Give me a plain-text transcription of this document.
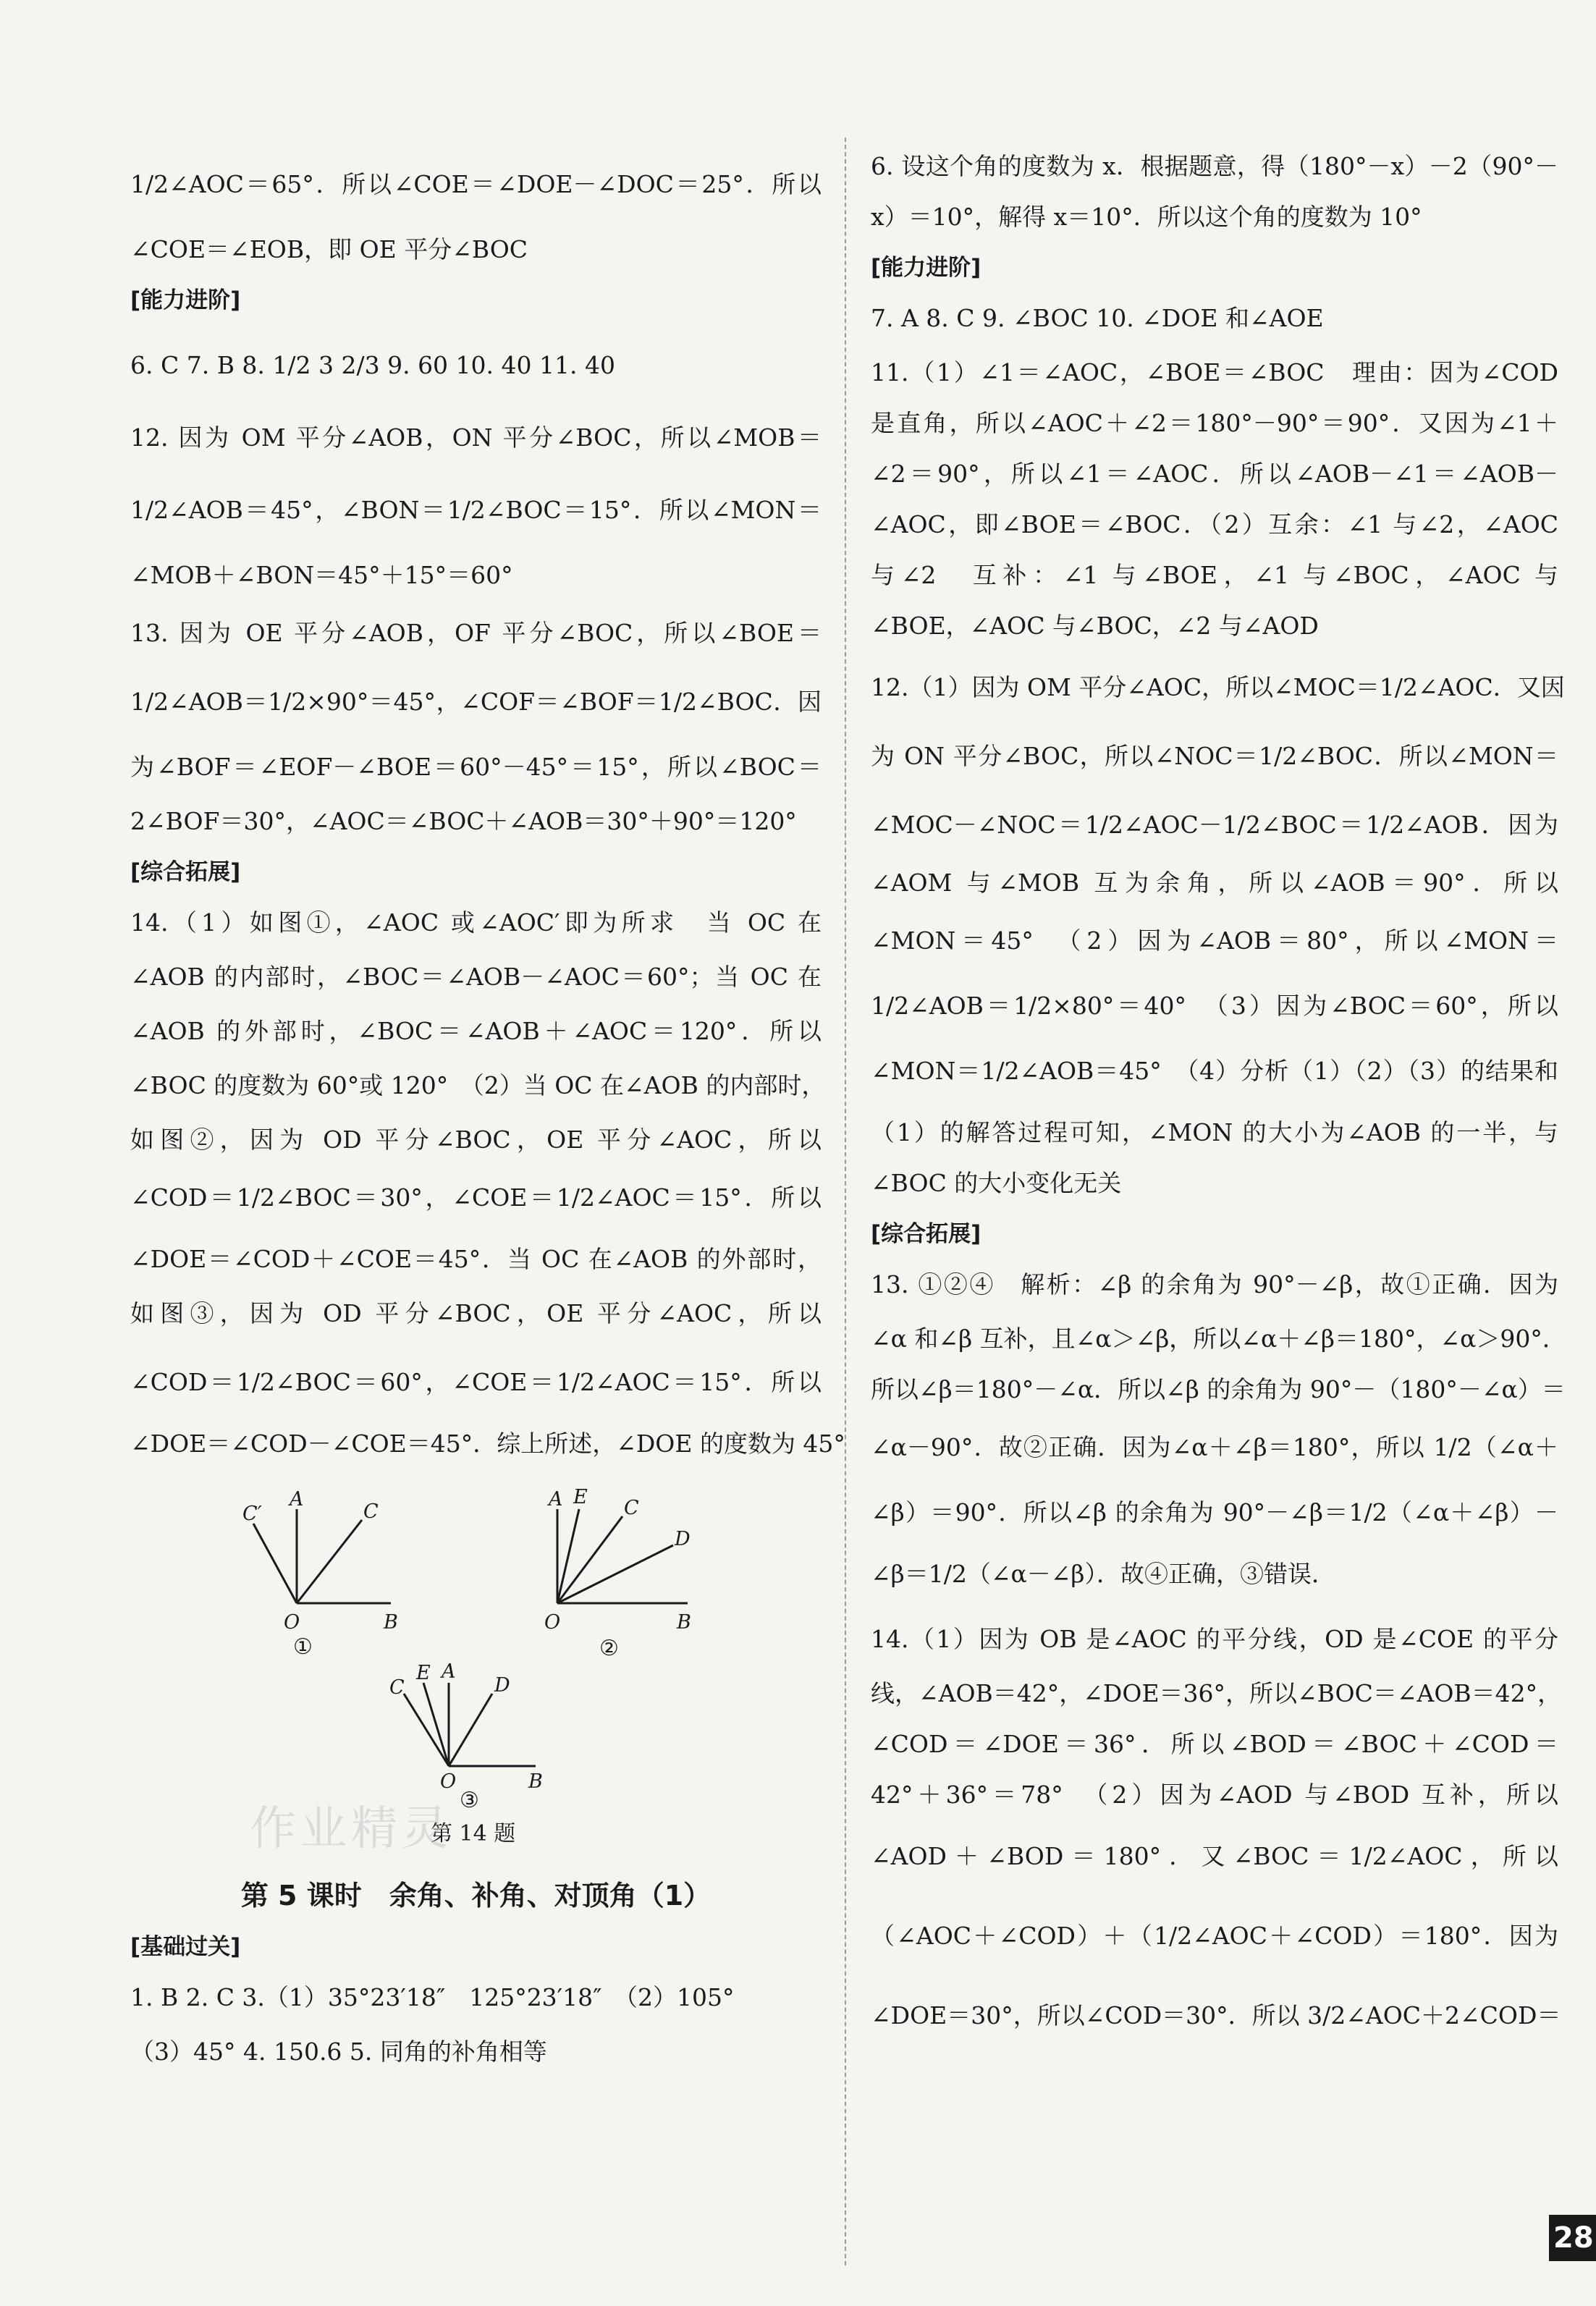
1/2∠AOC＝65°．所以∠COE＝∠DOE－∠DOC＝25°．所以
∠COE＝∠EOB，即 OE 平分∠BOC
[能力进阶]
6. C 7. B 8. 1/2 3 2/3 9. 60 10. 40 11. 40
12. 因为 OM 平分∠AOB，ON 平分∠BOC，所以∠MOB＝
1/2∠AOB＝45°，∠BON＝1/2∠BOC＝15°．所以∠MON＝
∠MOB＋∠BON＝45°＋15°＝60°
13. 因为 OE 平分∠AOB，OF 平分∠BOC，所以∠BOE＝
1/2∠AOB＝1/2×90°＝45°，∠COF＝∠BOF＝1/2∠BOC．因
为∠BOF＝∠EOF－∠BOE＝60°－45°＝15°，所以∠BOC＝
2∠BOF＝30°，∠AOC＝∠BOC＋∠AOB＝30°＋90°＝120°
[综合拓展]
14.（1）如图①，∠AOC 或∠AOC′即为所求　当 OC 在
∠AOB 的内部时，∠BOC＝∠AOB－∠AOC＝60°；当 OC 在
∠AOB 的外部时，∠BOC＝∠AOB＋∠AOC＝120°．所以
∠BOC 的度数为 60°或 120°　（2）当 OC 在∠AOB 的内部时，
如图②，因为 OD 平分∠BOC，OE 平分∠AOC，所以
∠COD＝1/2∠BOC＝30°，∠COE＝1/2∠AOC＝15°．所以
∠DOE＝∠COD＋∠COE＝45°．当 OC 在∠AOB 的外部时，
如图③，因为 OD 平分∠BOC，OE 平分∠AOC，所以
∠COD＝1/2∠BOC＝60°，∠COE＝1/2∠AOC＝15°．所以
∠DOE＝∠COD－∠COE＝45°．综上所述，∠DOE 的度数为 45°
O	B
A
C
C′
①
O	B
A E C
D
②
O	B
A
E
C	D
③
第 14 题
第 5 课时　余角、补角、对顶角（1）
[基础过关]
1. B 2. C 3.（1）35°23′18″　125°23′18″　（2）105°
（3）45° 4. 150.6 5. 同角的补角相等
6. 设这个角的度数为 x．根据题意，得（180°－x）－2（90°－
x）＝10°，解得 x＝10°．所以这个角的度数为 10°
[能力进阶]
7. A 8. C 9. ∠BOC 10. ∠DOE 和∠AOE
11.（1）∠1＝∠AOC，∠BOE＝∠BOC　理由：因为∠COD
是直角，所以∠AOC＋∠2＝180°－90°＝90°．又因为∠1＋
∠2＝90°，所以∠1＝∠AOC．所以∠AOB－∠1＝∠AOB－
∠AOC，即∠BOE＝∠BOC．（2）互余：∠1 与∠2，∠AOC
与∠2　互补：∠1 与∠BOE，∠1 与∠BOC，∠AOC 与
∠BOE，∠AOC 与∠BOC，∠2 与∠AOD
12.（1）因为 OM 平分∠AOC，所以∠MOC＝1/2∠AOC．又因
为 ON 平分∠BOC，所以∠NOC＝1/2∠BOC．所以∠MON＝
∠MOC－∠NOC＝1/2∠AOC－1/2∠BOC＝1/2∠AOB．因为
∠AOM 与∠MOB 互为余角，所以∠AOB＝90°．所以
∠MON＝45°　（2）因为∠AOB＝80°，所以∠MON＝
1/2∠AOB＝1/2×80°＝40°　（3）因为∠BOC＝60°，所以
∠MON＝1/2∠AOB＝45°　（4）分析（1）（2）（3）的结果和
（1）的解答过程可知，∠MON 的大小为∠AOB 的一半，与
∠BOC 的大小变化无关
[综合拓展]
13. ①②④　解析：∠β 的余角为 90°－∠β，故①正确．因为
∠α 和∠β 互补，且∠α＞∠β，所以∠α＋∠β＝180°，∠α＞90°．
所以∠β＝180°－∠α．所以∠β 的余角为 90°－（180°－∠α）＝
∠α－90°．故②正确．因为∠α＋∠β＝180°，所以 1/2（∠α＋
∠β）＝90°．所以∠β 的余角为 90°－∠β＝1/2（∠α＋∠β）－
∠β＝1/2（∠α－∠β）．故④正确，③错误．
14.（1）因为 OB 是∠AOC 的平分线，OD 是∠COE 的平分
线，∠AOB＝42°，∠DOE＝36°，所以∠BOC＝∠AOB＝42°，
∠COD＝∠DOE＝36°．所以∠BOD＝∠BOC＋∠COD＝
42°＋36°＝78°　（2）因为∠AOD 与∠BOD 互补，所以
∠AOD＋∠BOD＝180°．又∠BOC＝1/2∠AOC，所以
（∠AOC＋∠COD）＋（1/2∠AOC＋∠COD）＝180°．因为
∠DOE＝30°，所以∠COD＝30°．所以 3/2∠AOC＋2∠COD＝
作业精灵
28
